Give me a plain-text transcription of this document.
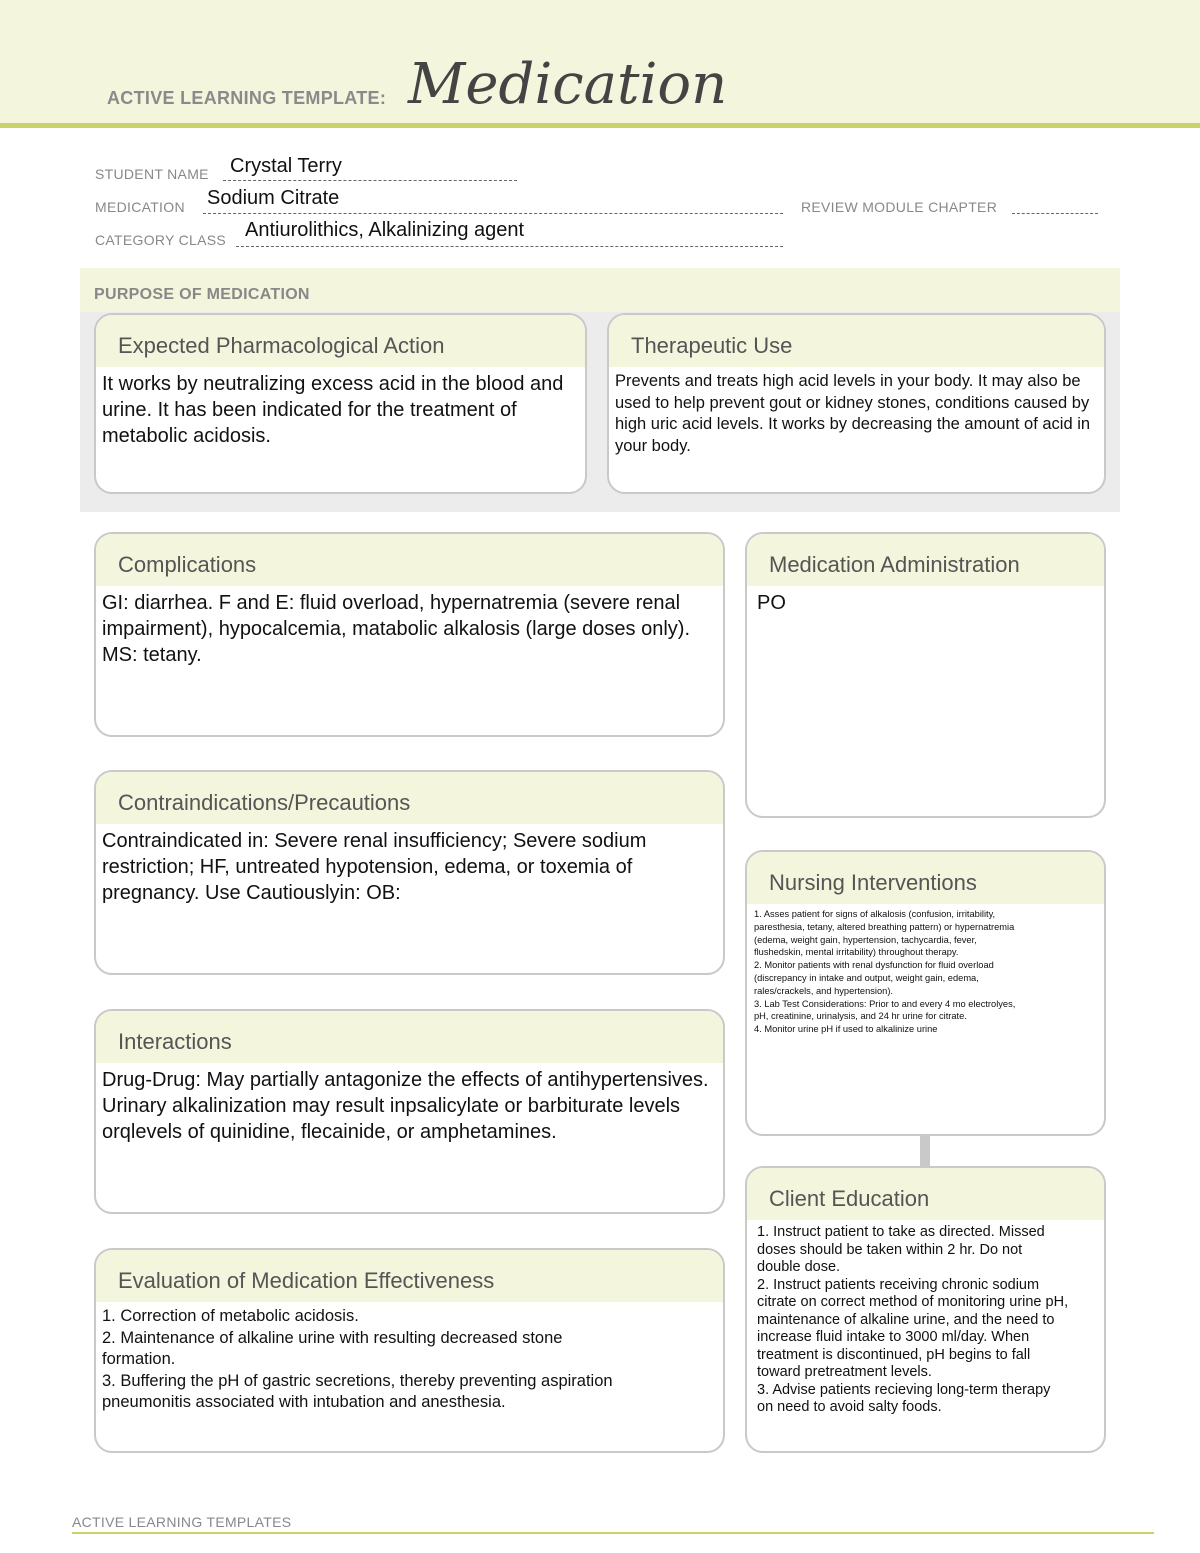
ACTIVE LEARNING TEMPLATE: Medication
STUDENT NAME Crystal Terry
MEDICATION Sodium Citrate	REVIEW MODULE CHAPTER
CATEGORY CLASS Antiurolithics, Alkalinizing agent
PURPOSE OF MEDICATION
Expected Pharmacological Action
It works by neutralizing excess acid in the blood and urine. It has been indicated for the treatment of metabolic acidosis.
Therapeutic Use
Prevents and treats high acid levels in your body. It may also be used to help prevent gout or kidney stones, conditions caused by high uric acid levels. It works by decreasing the amount of acid in your body.
Complications
GI: diarrhea. F and E: fluid overload, hypernatremia (severe renal impairment), hypocalcemia, matabolic alkalosis (large doses only). MS: tetany.
Contraindications/Precautions
Contraindicated in: Severe renal insufficiency; Severe sodium restriction; HF, untreated hypotension, edema, or toxemia of pregnancy. Use Cautiouslyin: OB:
Interactions
Drug-Drug: May partially antagonize the effects of antihypertensives. Urinary alkalinization may result inpsalicylate or barbiturate levels orqlevels of quinidine, flecainide, or amphetamines.
Evaluation of Medication Effectiveness
1. Correction of metabolic acidosis.
2. Maintenance of alkaline urine with resulting decreased stone
formation.
3. Buffering the pH of gastric secretions, thereby preventing aspiration
pneumonitis associated with intubation and anesthesia.
Medication Administration
PO
Nursing Interventions
1. Asses patient for signs of alkalosis (confusion, irritability,
paresthesia, tetany, altered breathing pattern) or hypernatremia
(edema, weight gain, hypertension, tachycardia, fever,
flushedskin, mental irritability) throughout therapy.
2. Monitor patients with renal dysfunction for fluid overload
(discrepancy in intake and output, weight gain, edema,
rales/crackels, and hypertension).
3. Lab Test Considerations: Prior to and every 4 mo electrolyes,
pH, creatinine, urinalysis, and 24 hr urine for citrate.
4. Monitor urine pH if used to alkalinize urine
Client Education
1. Instruct patient to take as directed. Missed
doses should be taken within 2 hr. Do not
double dose.
2. Instruct patients receiving chronic sodium
citrate on correct method of monitoring urine pH,
maintenance of alkaline urine, and the need to
increase fluid intake to 3000 ml/day. When
treatment is discontinued, pH begins to fall
toward pretreatment levels.
3. Advise patients recieving long-term therapy
on need to avoid salty foods.
ACTIVE LEARNING TEMPLATES
